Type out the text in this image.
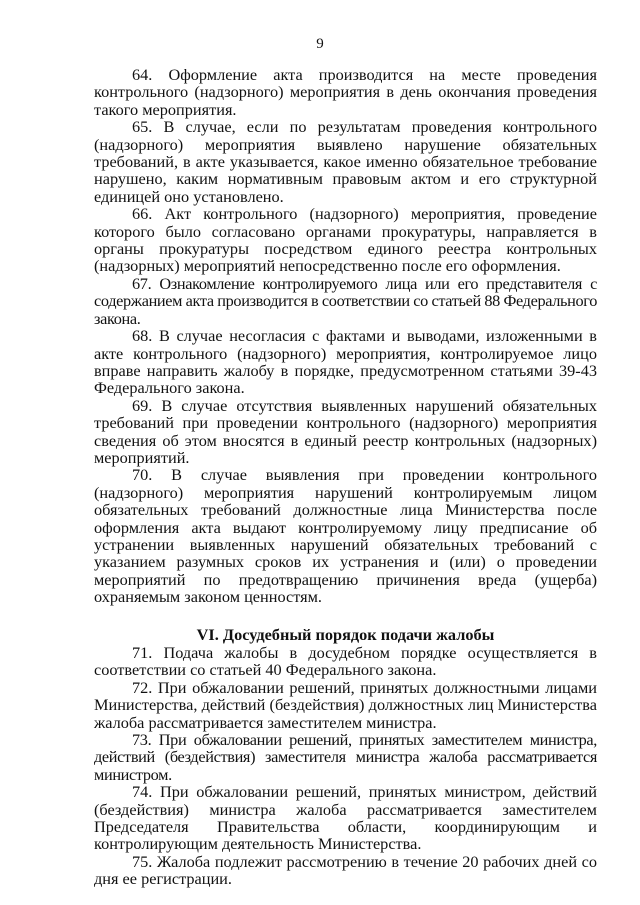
9

64. Оформление акта производится на месте проведения контрольного (надзорного) мероприятия в день окончания проведения такого мероприятия.

65. В случае, если по результатам проведения контрольного (надзорного) мероприятия выявлено нарушение обязательных требований, в акте указывается, какое именно обязательное требование нарушено, каким нормативным правовым актом и его структурной единицей оно установлено.

66. Акт контрольного (надзорного) мероприятия, проведение которого было согласовано органами прокуратуры, направляется в органы прокуратуры посредством единого реестра контрольных (надзорных) мероприятий непосредственно после его оформления.

67. Ознакомление контролируемого лица или его представителя с содержанием акта производится в соответствии со статьей 88 Федерального закона.

68. В случае несогласия с фактами и выводами, изложенными в акте контрольного (надзорного) мероприятия, контролируемое лицо вправе направить жалобу в порядке, предусмотренном статьями 39-43 Федерального закона.

69. В случае отсутствия выявленных нарушений обязательных требований при проведении контрольного (надзорного) мероприятия сведения об этом вносятся в единый реестр контрольных (надзорных) мероприятий.

70. В случае выявления при проведении контрольного (надзорного) мероприятия нарушений контролируемым лицом обязательных требований должностные лица Министерства после оформления акта выдают контролируемому лицу предписание об устранении выявленных нарушений обязательных требований с указанием разумных сроков их устранения и (или) о проведении мероприятий по предотвращению причинения вреда (ущерба) охраняемым законом ценностям.

VI. Досудебный порядок подачи жалобы

71. Подача жалобы в досудебном порядке осуществляется в соответствии со статьей 40 Федерального закона.

72. При обжаловании решений, принятых должностными лицами Министерства, действий (бездействия) должностных лиц Министерства жалоба рассматривается заместителем министра.

73. При обжаловании решений, принятых заместителем министра, действий (бездействия) заместителя министра жалоба рассматривается министром.

74. При обжаловании решений, принятых министром, действий (бездействия) министра жалоба рассматривается заместителем Председателя Правительства области, координирующим и контролирующим деятельность Министерства.

75. Жалоба подлежит рассмотрению в течение 20 рабочих дней со дня ее регистрации.
